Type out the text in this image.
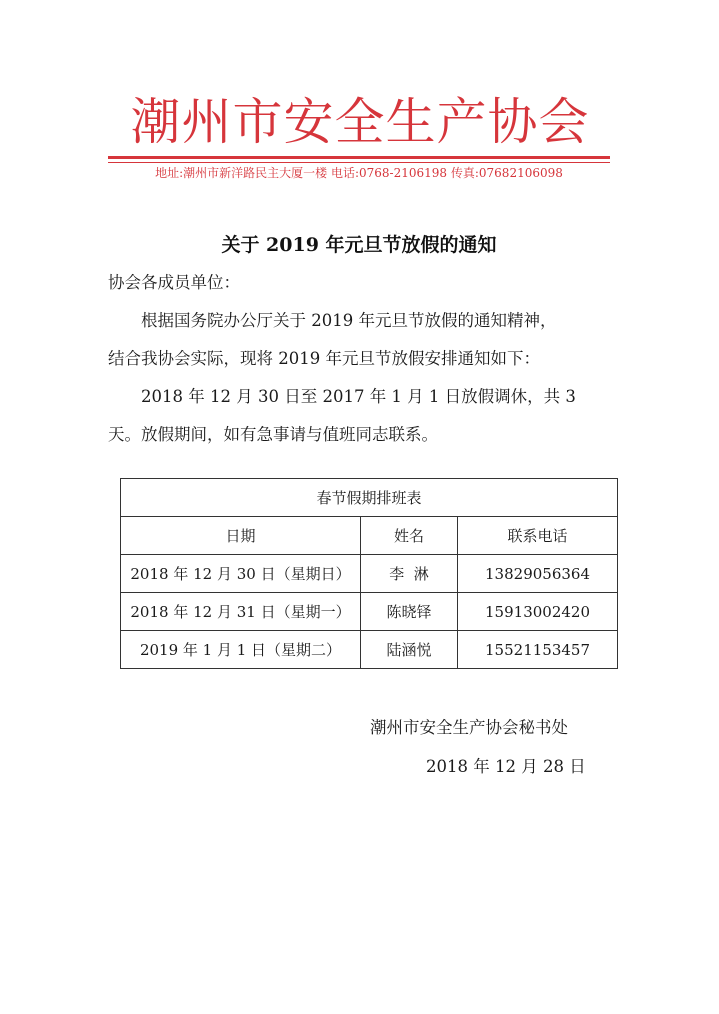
潮州市安全生产协会
地址:潮州市新洋路民主大厦一楼 电话:0768-2106198 传真:07682106098
关于 2019 年元旦节放假的通知
协会各成员单位：
根据国务院办公厅关于 2019 年元旦节放假的通知精神，
结合我协会实际，现将 2019 年元旦节放假安排通知如下：
2018 年 12 月 30 日至 2017 年 1 月 1 日放假调休，共 3
天。放假期间，如有急事请与值班同志联系。
春节假期排班表		
日期	姓名	联系电话
2018 年 12 月 30 日（星期日）	李  淋	13829056364
2018 年 12 月 31 日（星期一）	陈晓铎	15913002420
2019 年 1 月 1 日（星期二）	陆涵悦	15521153457
潮州市安全生产协会秘书处
2018 年 12 月 28 日
